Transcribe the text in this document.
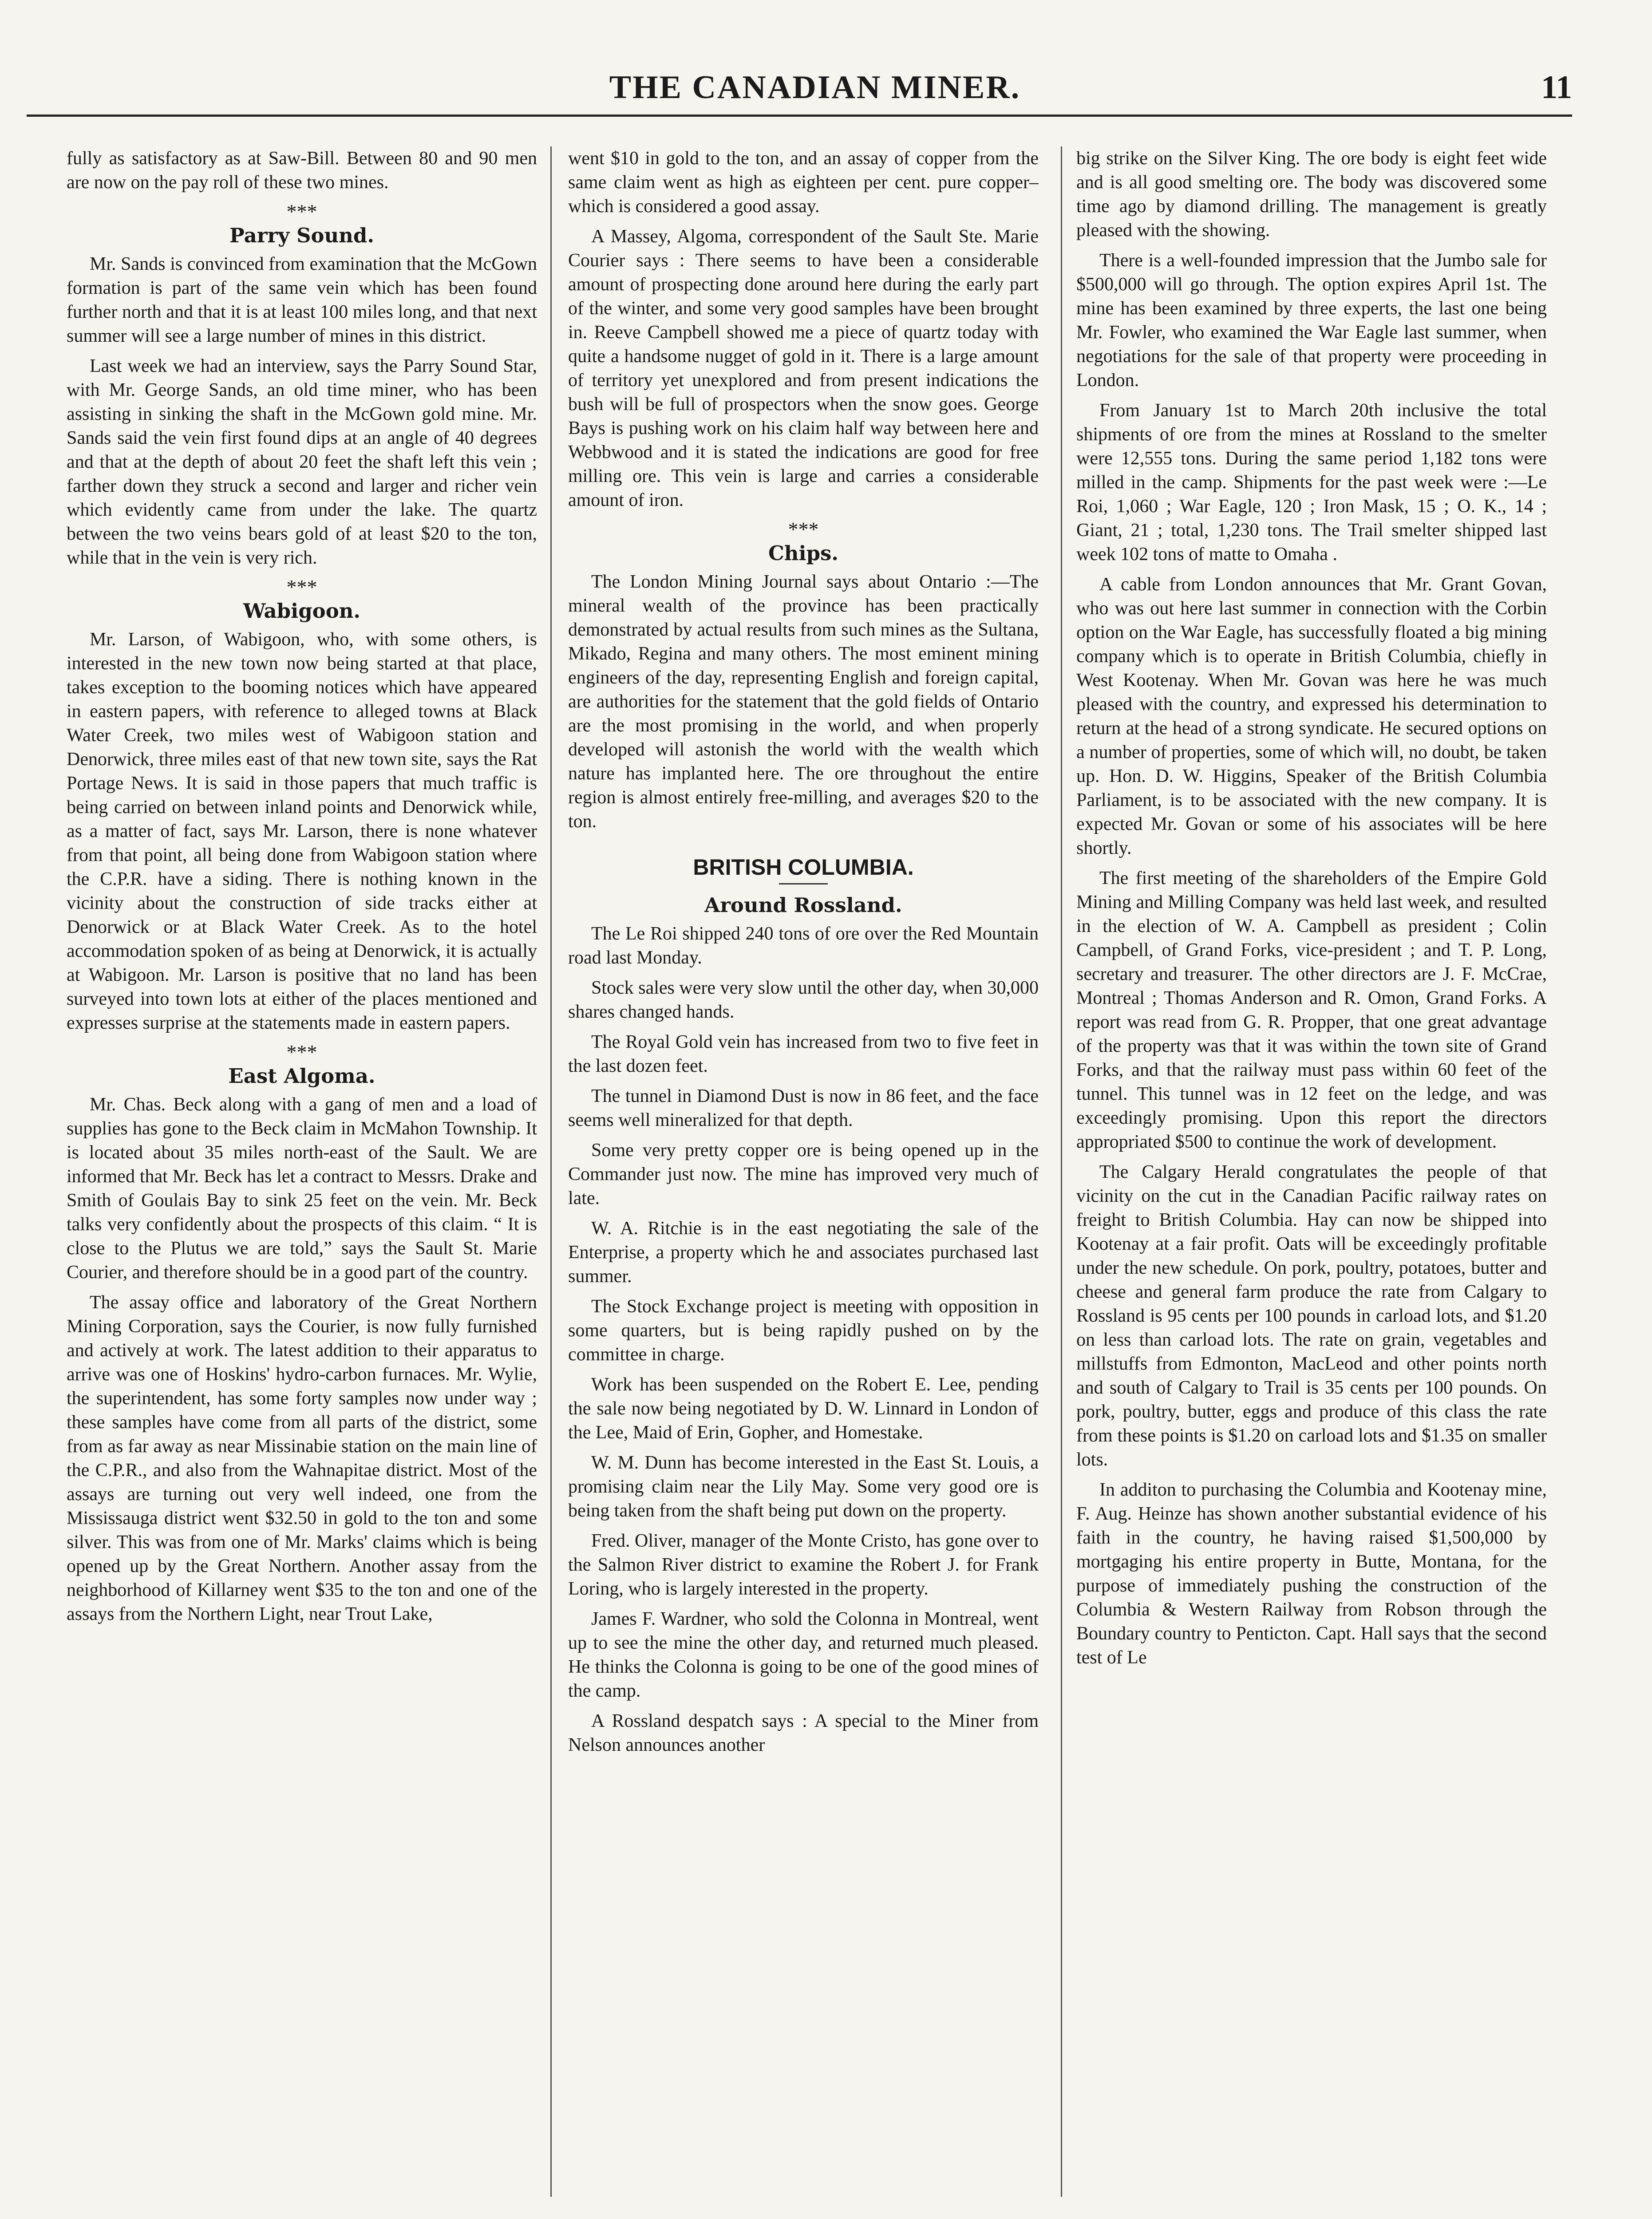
THE CANADIAN MINER.	11

fully as satisfactory as at Saw-Bill. Between 80 and 90 men are now on the pay roll of these two mines.

***
Parry Sound.

Mr. Sands is convinced from examination that the McGown formation is part of the same vein which has been found further north and that it is at least 100 miles long, and that next summer will see a large number of mines in this district.

Last week we had an interview, says the Parry Sound Star, with Mr. George Sands, an old time miner, who has been assisting in sinking the shaft in the McGown gold mine. Mr. Sands said the vein first found dips at an angle of 40 degrees and that at the depth of about 20 feet the shaft left this vein ; farther down they struck a second and larger and richer vein which evidently came from under the lake. The quartz between the two veins bears gold of at least $20 to the ton, while that in the vein is very rich.

***
Wabigoon.

Mr. Larson, of Wabigoon, who, with some others, is interested in the new town now being started at that place, takes exception to the booming notices which have appeared in eastern papers, with reference to alleged towns at Black Water Creek, two miles west of Wabigoon station and Denorwick, three miles east of that new town site, says the Rat Portage News. It is said in those papers that much traffic is being carried on between inland points and Denorwick while, as a matter of fact, says Mr. Larson, there is none whatever from that point, all being done from Wabigoon station where the C.P.R. have a siding. There is nothing known in the vicinity about the construction of side tracks either at Denorwick or at Black Water Creek. As to the hotel accommodation spoken of as being at Denorwick, it is actually at Wabigoon. Mr. Larson is positive that no land has been surveyed into town lots at either of the places mentioned and expresses surprise at the statements made in eastern papers.

***
East Algoma.

Mr. Chas. Beck along with a gang of men and a load of supplies has gone to the Beck claim in McMahon Township. It is located about 35 miles north-east of the Sault. We are informed that Mr. Beck has let a contract to Messrs. Drake and Smith of Goulais Bay to sink 25 feet on the vein. Mr. Beck talks very confidently about the prospects of this claim. “ It is close to the Plutus we are told,” says the Sault St. Marie Courier, and therefore should be in a good part of the country.

The assay office and laboratory of the Great Northern Mining Corporation, says the Courier, is now fully furnished and actively at work. The latest addition to their apparatus to arrive was one of Hoskins' hydro-carbon furnaces. Mr. Wylie, the superintendent, has some forty samples now under way ; these samples have come from all parts of the district, some from as far away as near Missinabie station on the main line of the C.P.R., and also from the Wahnapitae district. Most of the assays are turning out very well indeed, one from the Mississauga district went $32.50 in gold to the ton and some silver. This was from one of Mr. Marks' claims which is being opened up by the Great Northern. Another assay from the neighborhood of Killarney went $35 to the ton and one of the assays from the Northern Light, near Trout Lake,

went $10 in gold to the ton, and an assay of copper from the same claim went as high as eighteen per cent. pure copper–which is considered a good assay.

A Massey, Algoma, correspondent of the Sault Ste. Marie Courier says : There seems to have been a considerable amount of prospecting done around here during the early part of the winter, and some very good samples have been brought in. Reeve Campbell showed me a piece of quartz today with quite a handsome nugget of gold in it. There is a large amount of territory yet unexplored and from present indications the bush will be full of prospectors when the snow goes. George Bays is pushing work on his claim half way between here and Webbwood and it is stated the indications are good for free milling ore. This vein is large and carries a considerable amount of iron.

***
Chips.

The London Mining Journal says about Ontario :—The mineral wealth of the province has been practically demonstrated by actual results from such mines as the Sultana, Mikado, Regina and many others. The most eminent mining engineers of the day, representing English and foreign capital, are authorities for the statement that the gold fields of Ontario are the most promising in the world, and when properly developed will astonish the world with the wealth which nature has implanted here. The ore throughout the entire region is almost entirely free-milling, and averages $20 to the ton.

BRITISH COLUMBIA.
Around Rossland.

The Le Roi shipped 240 tons of ore over the Red Mountain road last Monday.

Stock sales were very slow until the other day, when 30,000 shares changed hands.

The Royal Gold vein has increased from two to five feet in the last dozen feet.

The tunnel in Diamond Dust is now in 86 feet, and the face seems well mineralized for that depth.

Some very pretty copper ore is being opened up in the Commander just now. The mine has improved very much of late.

W. A. Ritchie is in the east negotiating the sale of the Enterprise, a property which he and associates purchased last summer.

The Stock Exchange project is meeting with opposition in some quarters, but is being rapidly pushed on by the committee in charge.

Work has been suspended on the Robert E. Lee, pending the sale now being negotiated by D. W. Linnard in London of the Lee, Maid of Erin, Gopher, and Homestake.

W. M. Dunn has become interested in the East St. Louis, a promising claim near the Lily May. Some very good ore is being taken from the shaft being put down on the property.

Fred. Oliver, manager of the Monte Cristo, has gone over to the Salmon River district to examine the Robert J. for Frank Loring, who is largely interested in the property.

James F. Wardner, who sold the Colonna in Montreal, went up to see the mine the other day, and returned much pleased. He thinks the Colonna is going to be one of the good mines of the camp.

A Rossland despatch says : A special to the Miner from Nelson announces another

big strike on the Silver King. The ore body is eight feet wide and is all good smelting ore. The body was discovered some time ago by diamond drilling. The management is greatly pleased with the showing.

There is a well-founded impression that the Jumbo sale for $500,000 will go through. The option expires April 1st. The mine has been examined by three experts, the last one being Mr. Fowler, who examined the War Eagle last summer, when negotiations for the sale of that property were proceeding in London.

From January 1st to March 20th inclusive the total shipments of ore from the mines at Rossland to the smelter were 12,555 tons. During the same period 1,182 tons were milled in the camp. Shipments for the past week were :—Le Roi, 1,060 ; War Eagle, 120 ; Iron Mask, 15 ; O. K., 14 ; Giant, 21 ; total, 1,230 tons. The Trail smelter shipped last week 102 tons of matte to Omaha .

A cable from London announces that Mr. Grant Govan, who was out here last summer in connection with the Corbin option on the War Eagle, has successfully floated a big mining company which is to operate in British Columbia, chiefly in West Kootenay. When Mr. Govan was here he was much pleased with the country, and expressed his determination to return at the head of a strong syndicate. He secured options on a number of properties, some of which will, no doubt, be taken up. Hon. D. W. Higgins, Speaker of the British Columbia Parliament, is to be associated with the new company. It is expected Mr. Govan or some of his associates will be here shortly.

The first meeting of the shareholders of the Empire Gold Mining and Milling Company was held last week, and resulted in the election of W. A. Campbell as president ; Colin Campbell, of Grand Forks, vice-president ; and T. P. Long, secretary and treasurer. The other directors are J. F. McCrae, Montreal ; Thomas Anderson and R. Omon, Grand Forks. A report was read from G. R. Propper, that one great advantage of the property was that it was within the town site of Grand Forks, and that the railway must pass within 60 feet of the tunnel. This tunnel was in 12 feet on the ledge, and was exceedingly promising. Upon this report the directors appropriated $500 to continue the work of development.

The Calgary Herald congratulates the people of that vicinity on the cut in the Canadian Pacific railway rates on freight to British Columbia. Hay can now be shipped into Kootenay at a fair profit. Oats will be exceedingly profitable under the new schedule. On pork, poultry, potatoes, butter and cheese and general farm produce the rate from Calgary to Rossland is 95 cents per 100 pounds in carload lots, and $1.20 on less than carload lots. The rate on grain, vegetables and millstuffs from Edmonton, MacLeod and other points north and south of Calgary to Trail is 35 cents per 100 pounds. On pork, poultry, butter, eggs and produce of this class the rate from these points is $1.20 on carload lots and $1.35 on smaller lots.

In additon to purchasing the Columbia and Kootenay mine, F. Aug. Heinze has shown another substantial evidence of his faith in the country, he having raised $1,500,000 by mortgaging his entire property in Butte, Montana, for the purpose of immediately pushing the construction of the Columbia & Western Railway from Robson through the Boundary country to Penticton. Capt. Hall says that the second test of Le
